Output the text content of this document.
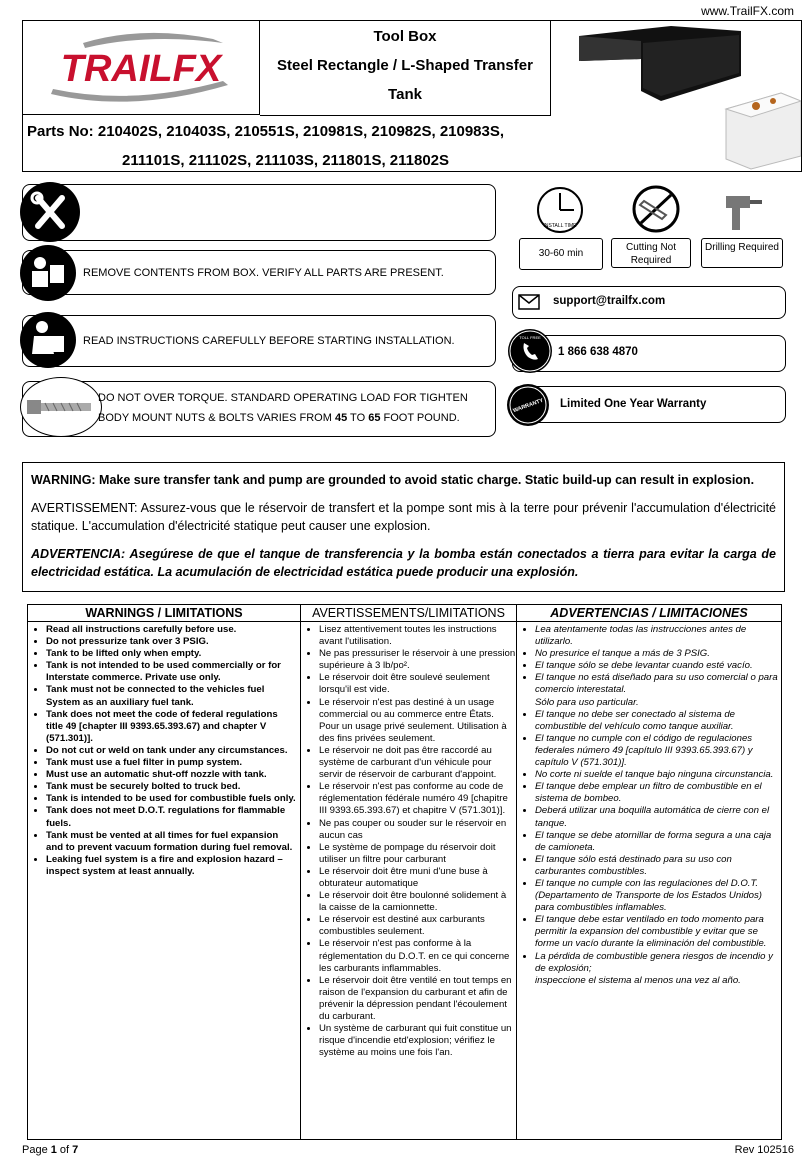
www.TrailFX.com
TRAILFX
Tool Box
Steel Rectangle / L-Shaped Transfer
Tank
Parts No: 210402S, 210403S, 210551S, 210981S, 210982S, 210983S,
211101S, 211102S, 211103S, 211801S, 211802S
REMOVE CONTENTS FROM BOX. VERIFY ALL PARTS ARE PRESENT.
READ INSTRUCTIONS CAREFULLY BEFORE STARTING INSTALLATION.
DO NOT OVER TORQUE. STANDARD OPERATING LOAD FOR TIGHTEN
BODY MOUNT NUTS & BOLTS VARIES FROM 45 TO 65 FOOT POUND.
INSTALL TIME
30-60 min
Cutting Not Required
Drilling Required
support@trailfx.com
TOLL FREE
1 866 638 4870
WARRANTY Limited One Year Warranty
WARNING: Make sure transfer tank and pump are grounded to avoid static charge. Static build-up can result in explosion.
AVERTISSEMENT: Assurez-vous que le réservoir de transfert et la pompe sont mis à la terre pour prévenir l'accumulation d'électricité statique. L'accumulation d'électricité statique peut causer une explosion.
ADVERTENCIA: Asegúrese de que el tanque de transferencia y la bomba están conectados a tierra para evitar la carga de electricidad estática. La acumulación de electricidad estática puede producir una explosión.
WARNINGS / LIMITATIONS
• Read all instructions carefully before use.
• Do not pressurize tank over 3 PSIG.
• Tank to be lifted only when empty.
• Tank is not intended to be used commercially or for
Interstate commerce. Private use only.
• Tank must not be connected to the vehicles fuel System as an auxiliary fuel tank.
• Tank does not meet the code of federal regulations
title 49 [chapter III 9393.65.393.67) and chapter V (571.301)].
• Do not cut or weld on tank under any circumstances.
• Tank must use a fuel filter in pump system.
• Must use an automatic shut-off nozzle with tank.
• Tank must be securely bolted to truck bed.
• Tank is intended to be used for combustible fuels only.
• Tank does not meet D.O.T. regulations for flammable fuels.
• Tank must be vented at all times for fuel expansion
and to prevent vacuum formation during fuel removal.
• Leaking fuel system is a fire and explosion hazard – inspect system at least annually.
AVERTISSEMENTS/LIMITATIONS
• Lisez attentivement toutes les instructions avant l'utilisation.
• Ne pas pressuriser le réservoir à une pression supérieure à 3 lb/po².
• Le réservoir doit être soulevé seulement lorsqu'il est vide.
• Le réservoir n'est pas destiné à un usage commercial ou au commerce entre États. Pour un usage privé seulement. Utilisation à des fins privées seulement.
• Le réservoir ne doit pas être raccordé au système de carburant d'un véhicule pour servir de réservoir de carburant d'appoint.
• Le réservoir n'est pas conforme au code de réglementation fédérale numéro 49 [chapitre III 9393.65.393.67) et chapitre V (571.301)].
• Ne pas couper ou souder sur le réservoir en aucun cas
• Le système de pompage du réservoir doit utiliser un filtre pour carburant
• Le réservoir doit être muni d'une buse à obturateur automatique
• Le réservoir doit être boulonné solidement à la caisse de la camionnette.
• Le réservoir est destiné aux carburants combustibles seulement.
• Le réservoir n'est pas conforme à la réglementation du D.O.T. en ce qui concerne les carburants inflammables.
• Le réservoir doit être ventilé en tout temps en raison de l'expansion du carburant et afin de prévenir la dépression pendant l'écoulement
du carburant.
• Un système de carburant qui fuit constitue un risque d'incendie etd'explosion; vérifiez le système au moins une fois l'an.
ADVERTENCIAS / LIMITACIONES
• Lea atentamente todas las instrucciones antes de utilizarlo.
• No presurice el tanque a más de 3 PSIG.
• El tanque sólo se debe levantar cuando esté vacío.
• El tanque no está diseñado para su uso comercial o para comercio interestatal.
Sólo para uso particular.
• El tanque no debe ser conectado al sistema de combustible del vehículo como tanque auxiliar.
• El tanque no cumple con el código de regulaciones federales número 49 [capítulo III 9393.65.393.67) y capítulo V (571.301)].
• No corte ni suelde el tanque bajo ninguna circunstancia.
• El tanque debe emplear un filtro de combustible en el sistema de bombeo.
• Deberá utilizar una boquilla automática de cierre con el tanque.
• El tanque se debe atornillar de forma segura a una caja de camioneta.
• El tanque sólo está destinado para su uso con carburantes combustibles.
• El tanque no cumple con las regulaciones del D.O.T. (Departamento de Transporte de los Estados Unidos) para combustibles inflamables.
• El tanque debe estar ventilado en todo momento para permitir la expansion del combustible y evitar que se forme un vacío durante la eliminación del combustible.
• La pérdida de combustible genera riesgos de incendio y de explosión;
inspeccione el sistema al menos una vez al año.
Page 1 of 7	Rev 102516
